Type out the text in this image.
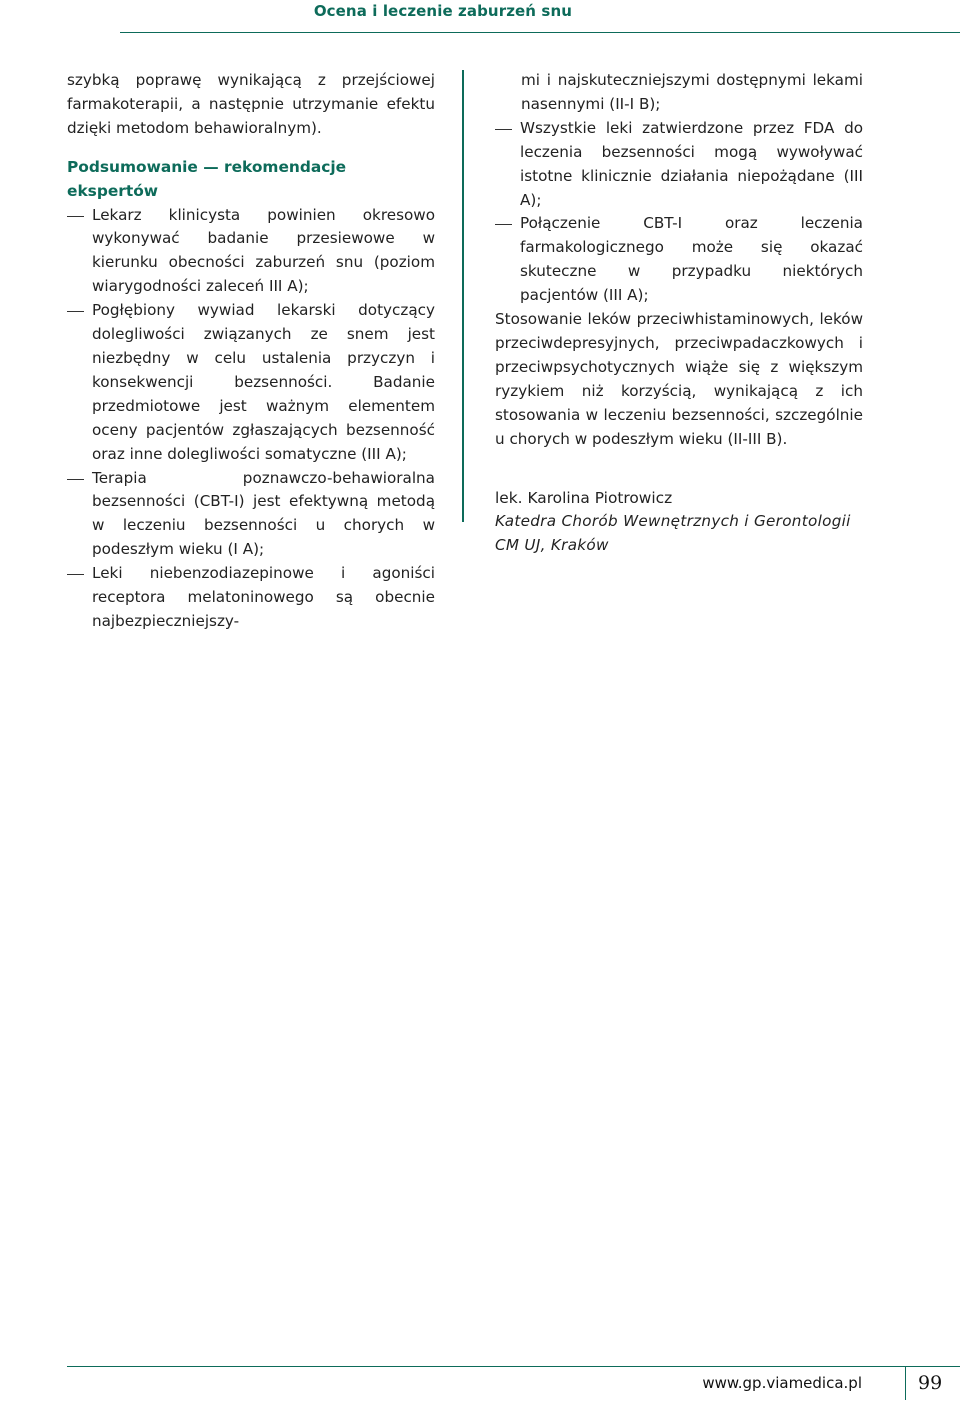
Ocena i leczenie zaburzeń snu

szybką poprawę wynikającą z przejściowej farmakoterapii, a następnie utrzymanie efektu dzięki metodom behawioralnym).

Podsumowanie — rekomendacje ekspertów

Lekarz klinicysta powinien okresowo wykonywać badanie przesiewowe w kierunku obecności zaburzeń snu (poziom wiarygodności zaleceń III A);
Pogłębiony wywiad lekarski dotyczący dolegliwości związanych ze snem jest niezbędny w celu ustalenia przyczyn i konsekwencji bezsenności. Badanie przedmiotowe jest ważnym elementem oceny pacjentów zgłaszających bezsenność oraz inne dolegliwości somatyczne (III A);
Terapia poznawczo-behawioralna bezsenności (CBT-I) jest efektywną metodą w leczeniu bezsenności u chorych w podeszłym wieku (I A);
Leki niebenzodiazepinowe i agoniści receptora melatoninowego są obecnie najbezpieczniejszy-

mi i najskuteczniejszymi dostępnymi lekami nasennymi (II-I B);

Wszystkie leki zatwierdzone przez FDA do leczenia bezsenności mogą wywoływać istotne klinicznie działania niepożądane (III A);
Połączenie CBT-I oraz leczenia farmakologicznego może się okazać skuteczne w przypadku niektórych pacjentów (III A);

Stosowanie leków przeciwhistaminowych, leków przeciwdepresyjnych, przeciwpadaczkowych i przeciwpsychotycznych wiąże się z większym ryzykiem niż korzyścią, wynikającą z ich stosowania w leczeniu bezsenności, szczególnie u chorych w podeszłym wieku (II-III B).

lek. Karolina Piotrowicz

Katedra Chorób Wewnętrznych i Gerontologii

CM UJ, Kraków

www.gp.viamedica.pl	99
